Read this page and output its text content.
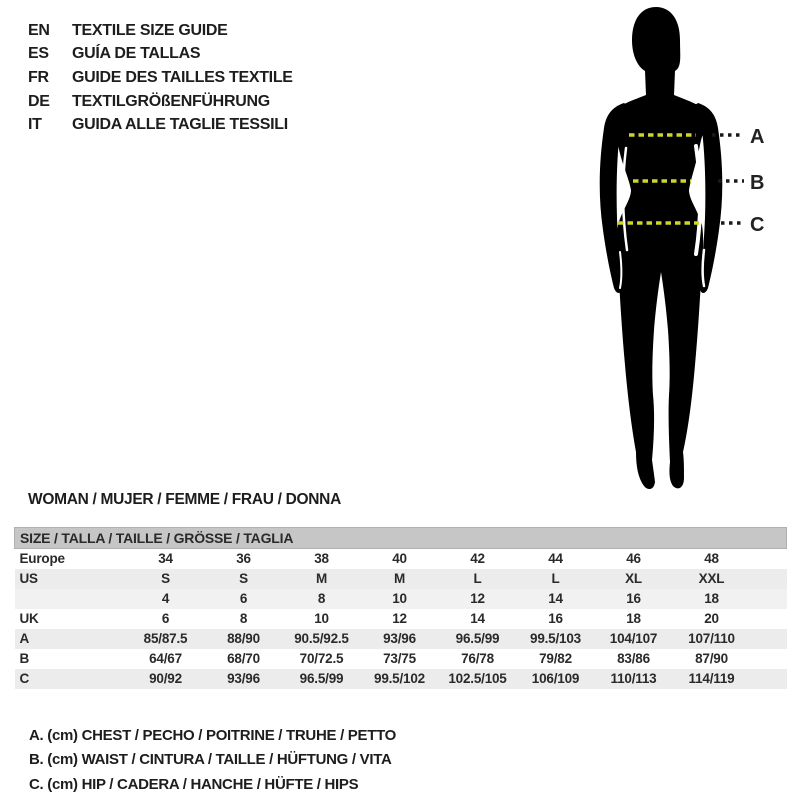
EN	TEXTILE SIZE GUIDE
ES	GUÍA DE TALLAS
FR	GUIDE DES TAILLES TEXTILE
DE	TEXTILGRÖßENFÜHRUNG
IT	GUIDA ALLE TAGLIE TESSILI
A
B
C
WOMAN / MUJER / FEMME / FRAU / DONNA
SIZE / TALLA / TAILLE / GRÖSSE / TAGLIA									
Europe	34	36	38	40	42	44	46	48	
US	S	S	M	M	L	L	XL	XXL	
	4	6	8	10	12	14	16	18	
UK	6	8	10	12	14	16	18	20	
A	85/87.5	88/90	90.5/92.5	93/96	96.5/99	99.5/103	104/107	107/110	
B	64/67	68/70	70/72.5	73/75	76/78	79/82	83/86	87/90	
C	90/92	93/96	96.5/99	99.5/102	102.5/105	106/109	110/113	114/119	
A. (cm) CHEST / PECHO / POITRINE / TRUHE / PETTO
B. (cm) WAIST / CINTURA / TAILLE / HÜFTUNG / VITA
C. (cm) HIP / CADERA / HANCHE / HÜFTE / HIPS
